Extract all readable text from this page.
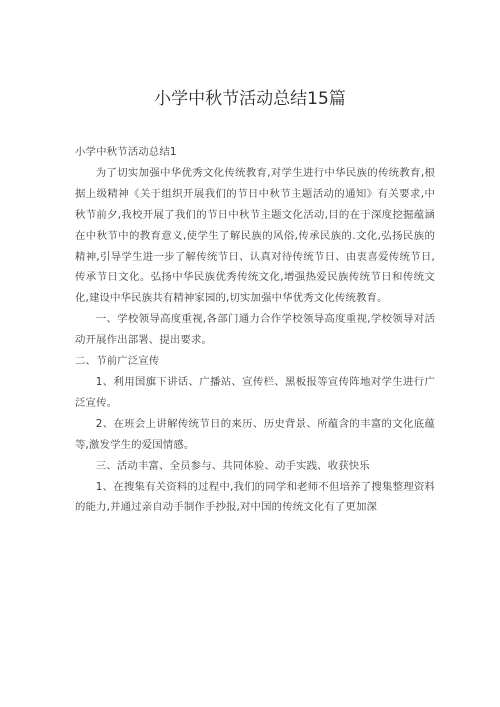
小学中秋节活动总结15篇

小学中秋节活动总结1

为了切实加强中华优秀文化传统教育,对学生进行中华民族的传统教育,根据上级精神《关于组织开展我们的节日中秋节主题活动的通知》有关要求,中秋节前夕,我校开展了我们的节日中秋节主题文化活动,目的在于深度挖掘蕴涵在中秋节中的教育意义,使学生了解民族的风俗,传承民族的.文化,弘扬民族的精神,引导学生进一步了解传统节日、认真对待传统节日、由衷喜爱传统节日,传承节日文化。弘扬中华民族优秀传统文化,增强热爱民族传统节日和传统文化,建设中华民族共有精神家园的,切实加强中华优秀文化传统教育。

一、学校领导高度重视,各部门通力合作学校领导高度重视,学校领导对活动开展作出部署、提出要求。

二、节前广泛宣传

1、利用国旗下讲话、广播站、宣传栏、黑板报等宣传阵地对学生进行广泛宣传。

2、在班会上讲解传统节日的来历、历史背景、所蕴含的丰富的文化底蕴等,激发学生的爱国情感。

三、活动丰富、全员参与、共同体验、动手实践、收获快乐

1、在搜集有关资料的过程中,我们的同学和老师不但培养了搜集整理资料的能力,并通过亲自动手制作手抄报,对中国的传统文化有了更加深
